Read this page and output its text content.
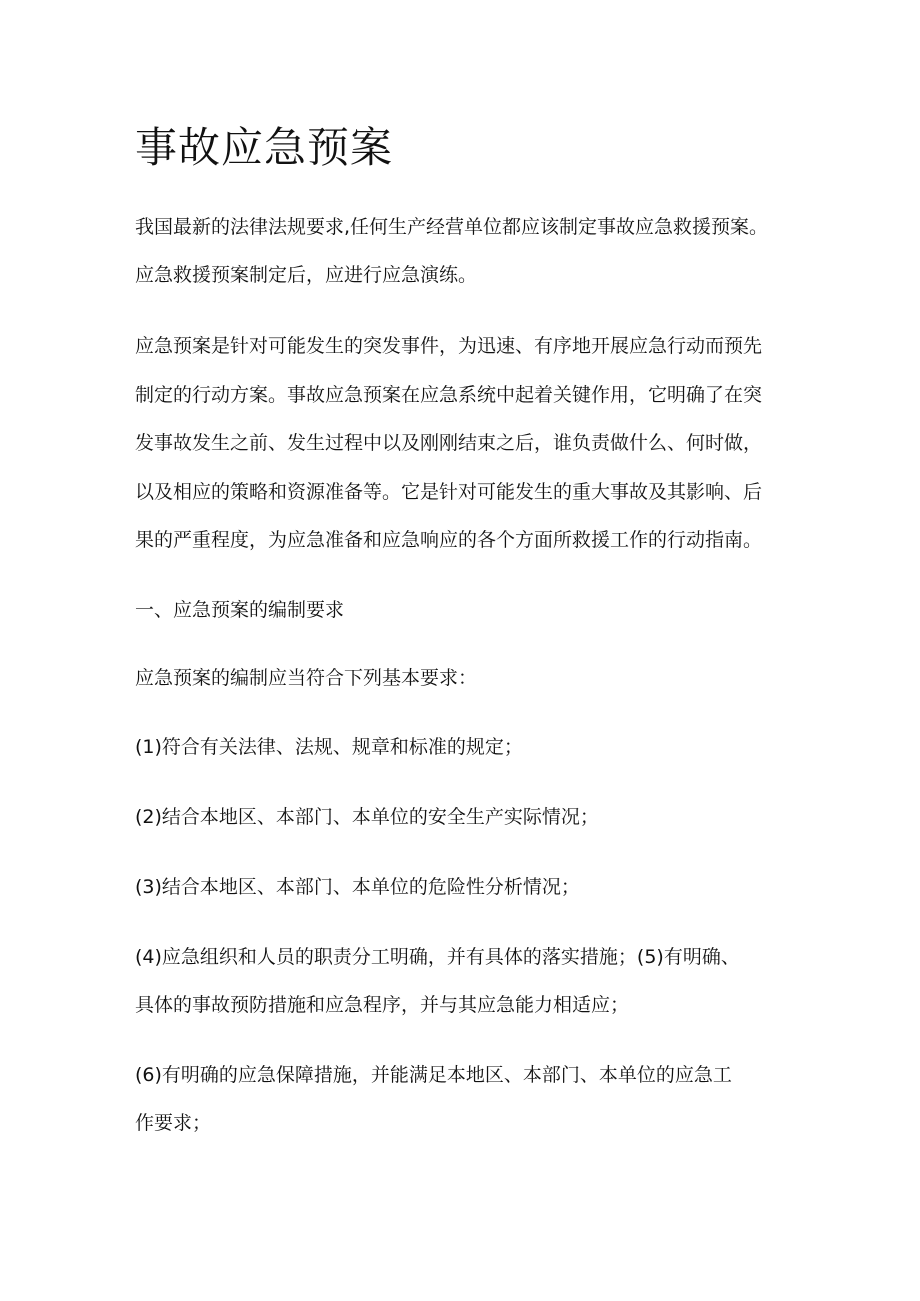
事故应急预案

我国最新的法律法规要求,任何生产经营单位都应该制定事故应急救援预案。

应急救援预案制定后，应进行应急演练。

应急预案是针对可能发生的突发事件，为迅速、有序地开展应急行动而预先

制定的行动方案。事故应急预案在应急系统中起着关键作用，它明确了在突

发事故发生之前、发生过程中以及刚刚结束之后，谁负责做什么、何时做，

以及相应的策略和资源准备等。它是针对可能发生的重大事故及其影响、后

果的严重程度，为应急准备和应急响应的各个方面所救援工作的行动指南。

一、应急预案的编制要求

应急预案的编制应当符合下列基本要求：

(1)符合有关法律、法规、规章和标准的规定；

(2)结合本地区、本部门、本单位的安全生产实际情况；

(3)结合本地区、本部门、本单位的危险性分析情况；

(4)应急组织和人员的职责分工明确，并有具体的落实措施；(5)有明确、

具体的事故预防措施和应急程序，并与其应急能力相适应；

(6)有明确的应急保障措施，并能满足本地区、本部门、本单位的应急工

作要求；
